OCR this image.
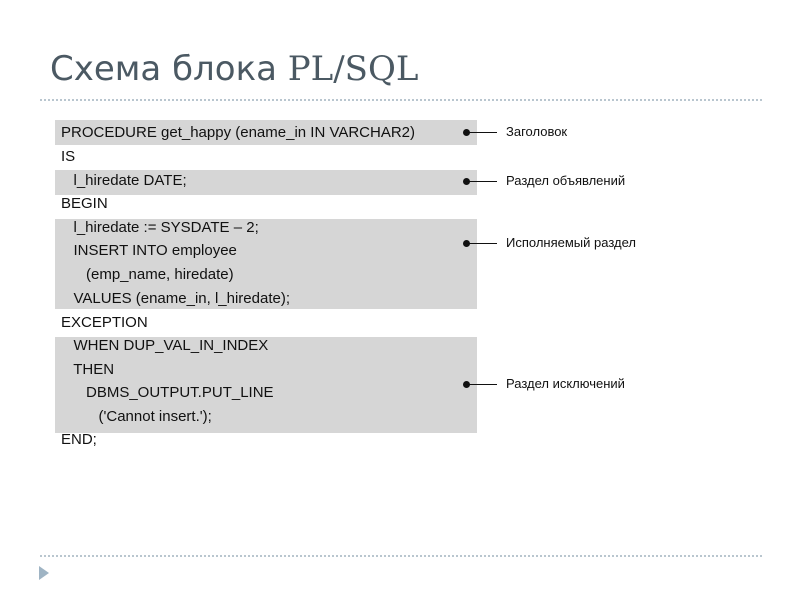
Схема блока PL/SQL
PROCEDURE get_happy (ename_in IN VARCHAR2)
IS
l_hiredate DATE;
BEGIN
l_hiredate := SYSDATE – 2;
INSERT INTO employee
(emp_name, hiredate)
VALUES (ename_in, l_hiredate);
EXCEPTION
WHEN DUP_VAL_IN_INDEX
THEN
DBMS_OUTPUT.PUT_LINE
('Cannot insert.');
END;
Заголовок
Раздел объявлений
Исполняемый раздел
Раздел исключений
